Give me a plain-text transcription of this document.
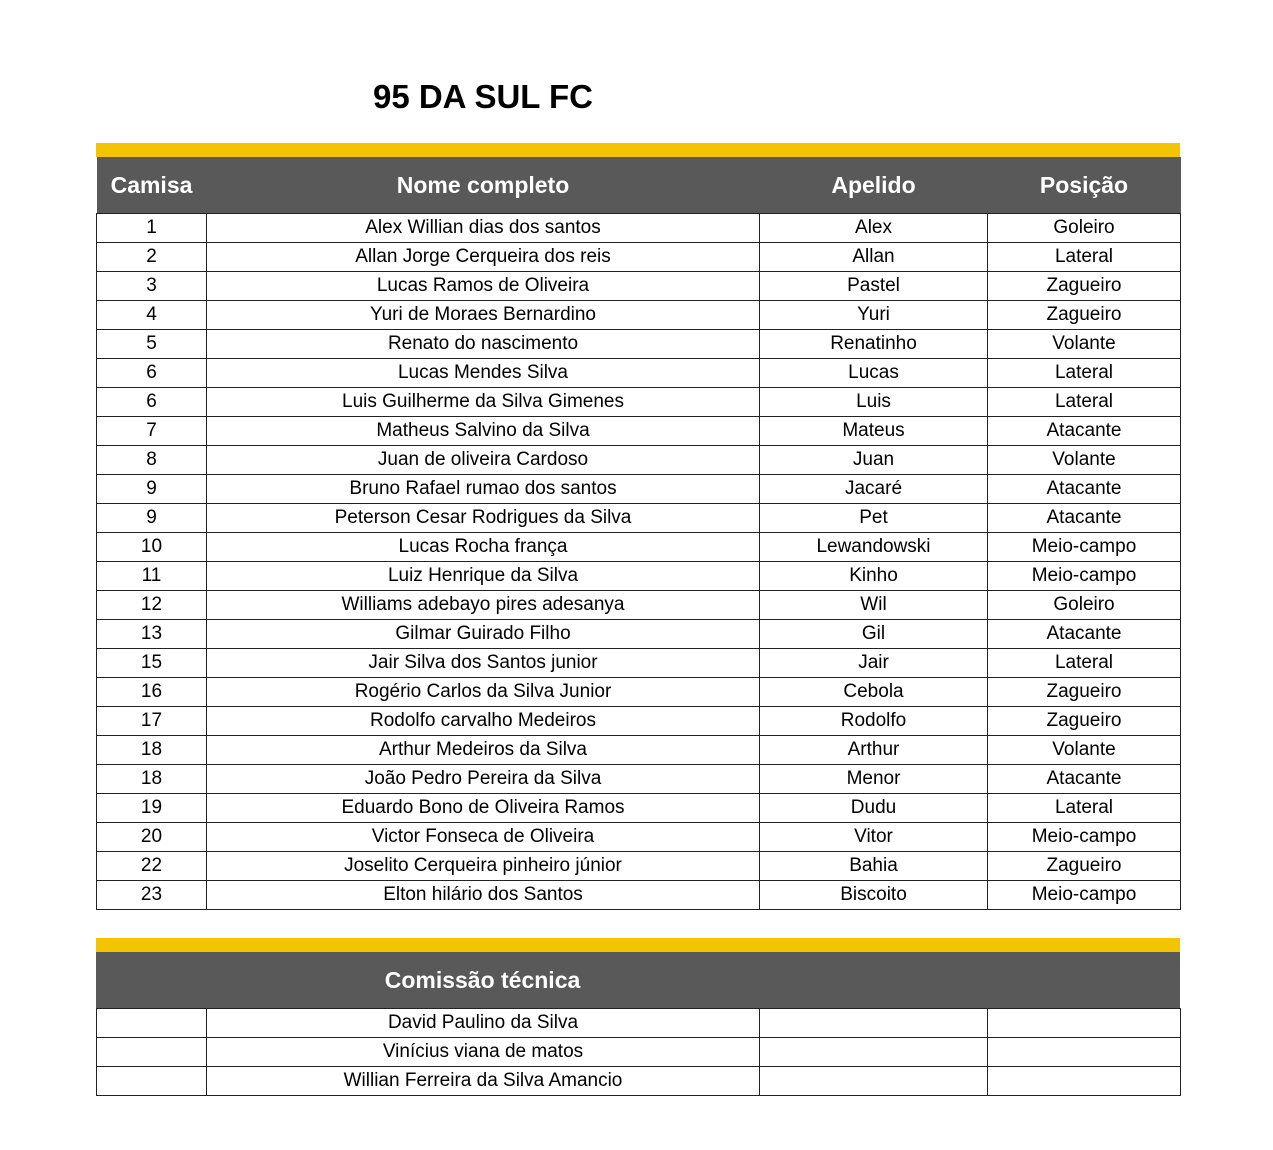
95 DA SUL FC
Camisa	Nome completo	Apelido	Posição
1	Alex Willian dias dos santos	Alex	Goleiro
2	Allan Jorge Cerqueira dos reis	Allan	Lateral
3	Lucas Ramos de Oliveira	Pastel	Zagueiro
4	Yuri de Moraes Bernardino	Yuri	Zagueiro
5	Renato do nascimento	Renatinho	Volante
6	Lucas Mendes Silva	Lucas	Lateral
6	Luis Guilherme da Silva Gimenes	Luis	Lateral
7	Matheus Salvino da Silva	Mateus	Atacante
8	Juan de oliveira Cardoso	Juan	Volante
9	Bruno Rafael rumao dos santos	Jacaré	Atacante
9	Peterson Cesar Rodrigues da Silva	Pet	Atacante
10	Lucas Rocha frança	Lewandowski	Meio-campo
11	Luiz Henrique da Silva	Kinho	Meio-campo
12	Williams adebayo pires adesanya	Wil	Goleiro
13	Gilmar Guirado Filho	Gil	Atacante
15	Jair Silva dos Santos junior	Jair	Lateral
16	Rogério Carlos da Silva Junior	Cebola	Zagueiro
17	Rodolfo carvalho Medeiros	Rodolfo	Zagueiro
18	Arthur Medeiros da Silva	Arthur	Volante
18	João Pedro Pereira da Silva	Menor	Atacante
19	Eduardo Bono de Oliveira Ramos	Dudu	Lateral
20	Victor Fonseca de Oliveira	Vitor	Meio-campo
22	Joselito Cerqueira pinheiro júnior	Bahia	Zagueiro
23	Elton hilário dos Santos	Biscoito	Meio-campo
Comissão técnica
	David Paulino da Silva		
	Vinícius viana de matos		
	Willian Ferreira da Silva Amancio		
